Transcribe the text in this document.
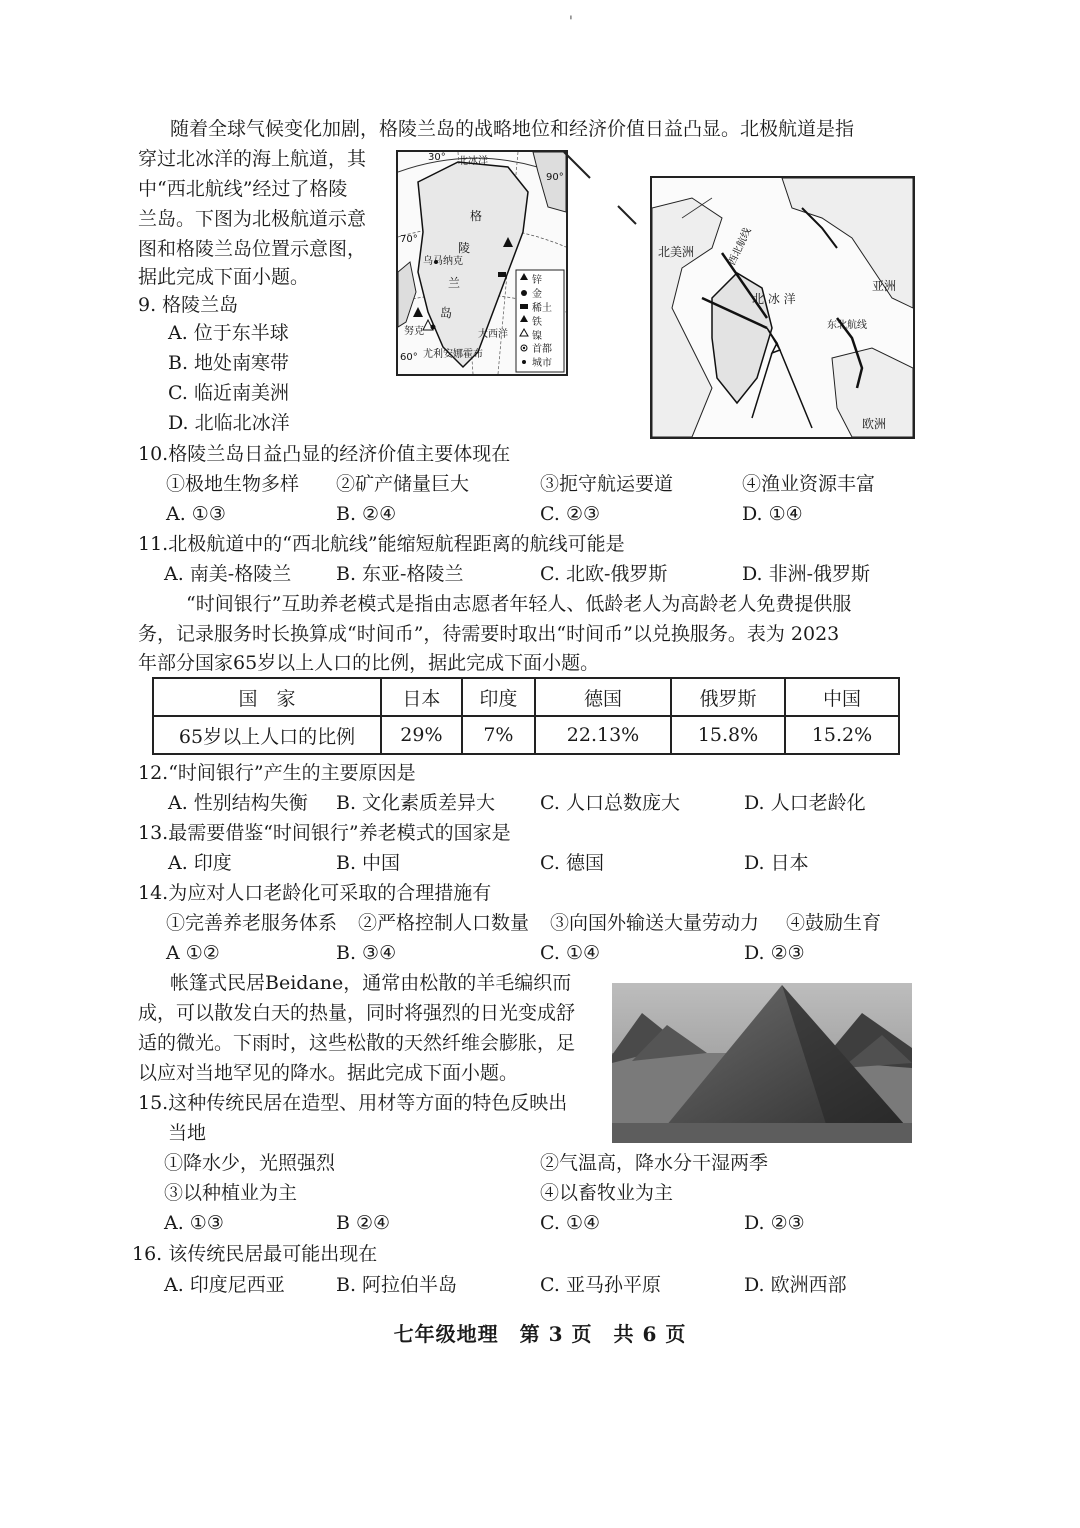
'
随着全球气候变化加剧，格陵兰岛的战略地位和经济价值日益凸显。北极航道是指
穿过北冰洋的海上航道，其
中“西北航线”经过了格陵
兰岛。下图为北极航道示意
图和格陵兰岛位置示意图，
据此完成下面小题。
北冰洋
格
陵
乌马纳克
兰
岛
努克	大西洋
尤利安娜霍布
30°
90°
60°
70°
锌
金
稀土
铁
镍
首都
城市
北美洲	西北航线
北 冰 洋
亚洲
东北航线
欧洲
9. 格陵兰岛
A. 位于东半球
B. 地处南寒带
C. 临近南美洲
D. 北临北冰洋
10.格陵兰岛日益凸显的经济价值主要体现在
①极地生物多样 ②矿产储量巨大	③扼守航运要道	④渔业资源丰富
A. ①③	B. ②④	C. ②③	D. ①④
11.北极航道中的“西北航线”能缩短航程距离的航线可能是
A. 南美-格陵兰 B. 东亚-格陵兰	C. 北欧-俄罗斯	D. 非洲-俄罗斯
“时间银行”互助养老模式是指由志愿者年轻人、低龄老人为高龄老人免费提供服
务，记录服务时长换算成“时间币”，待需要时取出“时间币”以兑换服务。表为 2023
年部分国家65岁以上人口的比例，据此完成下面小题。
国　家	日本	印度	德国	俄罗斯	中国
65岁以上人口的比例	29%	7%	22.13%	15.8%	15.2%
12.“时间银行”产生的主要原因是
A. 性别结构失衡 B. 文化素质差异大 C. 人口总数庞大	D. 人口老龄化
13.最需要借鉴“时间银行”养老模式的国家是
A. 印度	B. 中国	C. 德国	D. 日本
14.为应对人口老龄化可采取的合理措施有
①完善养老服务体系 ②严格控制人口数量 ③向国外输送大量劳动力 ④鼓励生育
A ①②	B. ③④	C. ①④	D. ②③
帐篷式民居Beidane，通常由松散的羊毛编织而
成，可以散发白天的热量，同时将强烈的日光变成舒
适的微光。下雨时，这些松散的天然纤维会膨胀，足
以应对当地罕见的降水。据此完成下面小题。
15.这种传统民居在造型、用材等方面的特色反映出
当地
①降水少，光照强烈	②气温高，降水分干湿两季
③以种植业为主	④以畜牧业为主
A. ①③	B ②④	C. ①④	D. ②③
16. 该传统民居最可能出现在
A. 印度尼西亚	B. 阿拉伯半岛	C. 亚马孙平原	D. 欧洲西部
七年级地理　第 3 页　共 6 页
